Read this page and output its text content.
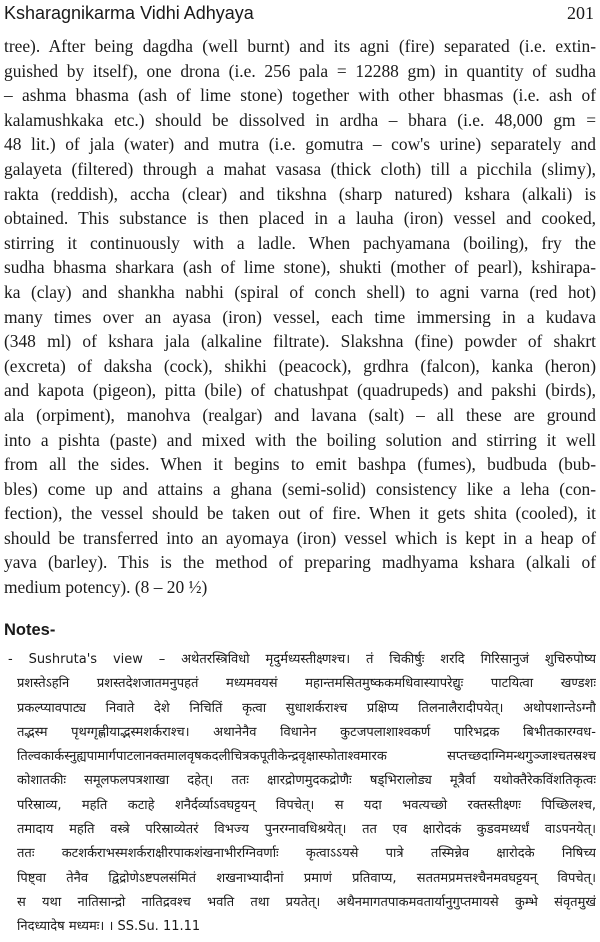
Ksharagnikarma Vidhi Adhyaya	201
tree). After being dagdha (well burnt) and its agni (fire) separated (i.e. extin-
guished by itself), one drona (i.e. 256 pala = 12288 gm) in quantity of sudha
– ashma bhasma (ash of lime stone) together with other bhasmas (i.e. ash of
kalamushkaka etc.) should be dissolved in ardha – bhara (i.e. 48,000 gm =
48 lit.) of jala (water) and mutra (i.e. gomutra – cow's urine) separately and
galayeta (filtered) through a mahat vasasa (thick cloth) till a picchila (slimy),
rakta (reddish), accha (clear) and tikshna (sharp natured) kshara (alkali) is
obtained. This substance is then placed in a lauha (iron) vessel and cooked,
stirring it continuously with a ladle. When pachyamana (boiling), fry the
sudha bhasma sharkara (ash of lime stone), shukti (mother of pearl), kshirapa-
ka (clay) and shankha nabhi (spiral of conch shell) to agni varna (red hot)
many times over an ayasa (iron) vessel, each time immersing in a kudava
(348 ml) of kshara jala (alkaline filtrate). Slakshna (fine) powder of shakrt
(excreta) of daksha (cock), shikhi (peacock), grdhra (falcon), kanka (heron)
and kapota (pigeon), pitta (bile) of chatushpat (quadrupeds) and pakshi (birds),
ala (orpiment), manohva (realgar) and lavana (salt) – all these are ground
into a pishta (paste) and mixed with the boiling solution and stirring it well
from all the sides. When it begins to emit bashpa (fumes), budbuda (bub-
bles) come up and attains a ghana (semi-solid) consistency like a leha (con-
fection), the vessel should be taken out of fire. When it gets shita (cooled), it
should be transferred into an ayomaya (iron) vessel which is kept in a heap of
yava (barley). This is the method of preparing madhyama kshara (alkali of
medium potency). (8 – 20 ½)
Notes-
- Sushruta's view – अथेतरस्त्रिविधो मृदुर्मध्यस्तीक्ष्णश्च। तं चिकीर्षुः शरदि गिरिसानुजं शुचिरुपोष्य
प्रशस्तेऽहनि प्रशस्तदेशजातमनुपहतं मध्यमवयसं महान्तमसितमुष्ककमधिवास्यापरेद्युः पाटयित्वा खण्डशः
प्रकल्प्यावपाट्य निवाते देशे निचितिं कृत्वा सुधाशर्कराश्च प्रक्षिप्य तिलनालैरादीपयेत्। अथोपशान्तेऽग्नौ
तद्भस्म पृथग्गृह्णीयाद्भस्मशर्कराश्च। अथानेनैव विधानेन कुटजपलाशाश्वकर्ण पारिभद्रक बिभीतकारग्वध-
तिल्वकार्कस्नुह्यपामार्गपाटलानक्तमालवृषकदलीचित्रकपूतीकेन्द्रवृक्षास्फोताश्वमारक सप्तच्छदाग्निमन्थगुञ्जाश्चतस्रश्च
कोशातकीः समूलफलपत्रशाखा दहेत्। ततः क्षारद्रोणमुदकद्रोणैः षड्भिरालोड्य मूत्रैर्वा यथोक्तैरेकविंशतिकृत्वः
परिस्राव्य, महति कटाहे शनैर्दर्व्याऽवघट्टयन् विपचेत्। स यदा भवत्यच्छो रक्तस्तीक्ष्णः पिच्छिलश्च,
तमादाय महति वस्त्रे परिस्राव्येतरं विभज्य पुनरग्नावधिश्रयेत्। तत एव क्षारोदकं कुडवमध्यर्धं वाऽपनयेत्।
ततः कटशर्कराभस्मशर्कराक्षीरपाकशंखनाभीरग्निवर्णाः कृत्वाऽऽयसे पात्रे तस्मिन्नेव क्षारोदके निषिच्य
पिष्ट्वा तेनैव द्विद्रोणेऽष्टपलसंमितं शखनाभ्यादीनां प्रमाणं प्रतिवाप्य, सततमप्रमत्तश्चैनमवघट्टयन् विपचेत्।
स यथा नातिसान्द्रो नातिद्रवश्च भवति तथा प्रयतेत्। अथैनमागतपाकमवतार्यानुगुप्तमायसे कुम्भे संवृतमुखं
निदध्यादेष मध्यमः। । SS.Su. 11.11
